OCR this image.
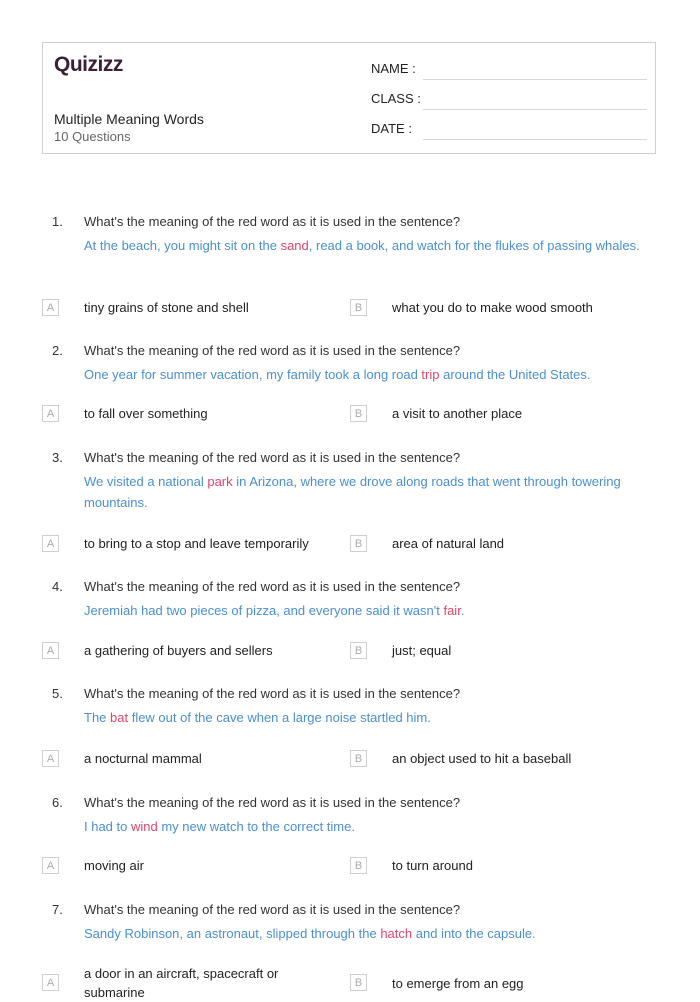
Quizizz
Multiple Meaning Words
10 Questions
NAME :
CLASS :
DATE :
1. What's the meaning of the red word as it is used in the sentence?
At the beach, you might sit on the sand, read a book, and watch for the flukes of passing whales.
A	tiny grains of stone and shell	B	what you do to make wood smooth
2. What's the meaning of the red word as it is used in the sentence?
One year for summer vacation, my family took a long road trip around the United States.
A	to fall over something	B	a visit to another place
3. What's the meaning of the red word as it is used in the sentence?
We visited a national park in Arizona, where we drove along roads that went through towering mountains.
A	to bring to a stop and leave temporarily	B	area of natural land
4. What's the meaning of the red word as it is used in the sentence?
Jeremiah had two pieces of pizza, and everyone said it wasn't fair.
A	a gathering of buyers and sellers	B	just; equal
5. What's the meaning of the red word as it is used in the sentence?
The bat flew out of the cave when a large noise startled him.
A	a nocturnal mammal	B	an object used to hit a baseball
6. What's the meaning of the red word as it is used in the sentence?
I had to wind my new watch to the correct time.
A	moving air	B	to turn around
7. What's the meaning of the red word as it is used in the sentence?
Sandy Robinson, an astronaut, slipped through the hatch and into the capsule.
A
a door in an aircraft, spacecraft or submarine
B	to emerge from an egg
